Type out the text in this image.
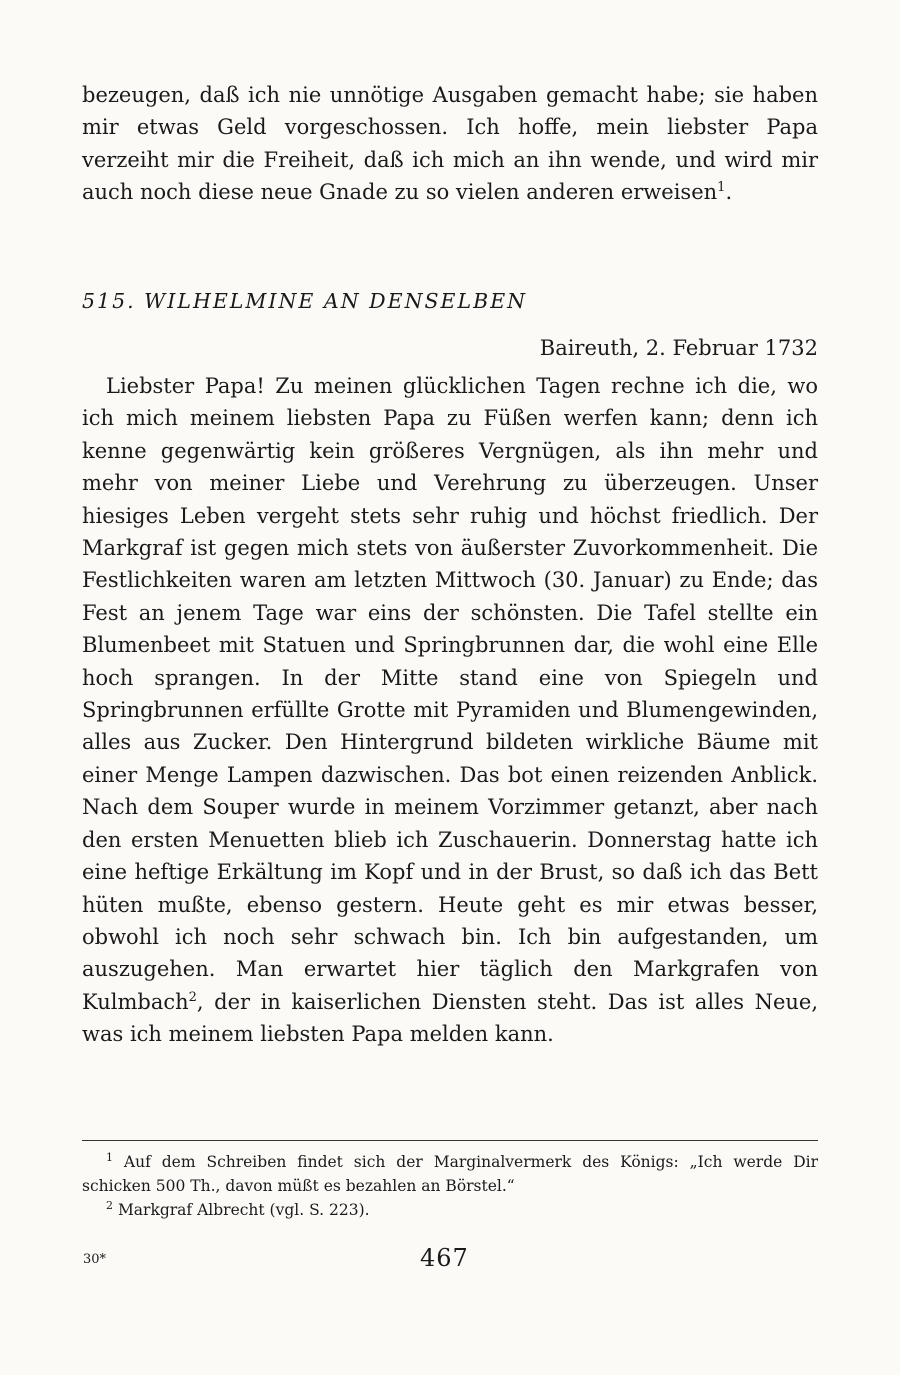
bezeugen, daß ich nie unnötige Ausgaben gemacht habe; sie haben mir etwas Geld vorgeschossen. Ich hoffe, mein liebster Papa verzeiht mir die Freiheit, daß ich mich an ihn wende, und wird mir auch noch diese neue Gnade zu so vielen anderen erweisen$^1$.

515. WILHELMINE AN DENSELBEN

Baireuth, 2. Februar 1732

Liebster Papa! Zu meinen glücklichen Tagen rechne ich die, wo ich mich meinem liebsten Papa zu Füßen werfen kann; denn ich kenne gegenwärtig kein größeres Vergnügen, als ihn mehr und mehr von meiner Liebe und Verehrung zu überzeugen. Unser hiesiges Leben vergeht stets sehr ruhig und höchst friedlich. Der Markgraf ist gegen mich stets von äußerster Zuvorkommenheit. Die Festlichkeiten waren am letzten Mittwoch (30. Januar) zu Ende; das Fest an jenem Tage war eins der schönsten. Die Tafel stellte ein Blumenbeet mit Statuen und Springbrunnen dar, die wohl eine Elle hoch sprangen. In der Mitte stand eine von Spiegeln und Springbrunnen erfüllte Grotte mit Pyramiden und Blumengewinden, alles aus Zucker. Den Hintergrund bildeten wirkliche Bäume mit einer Menge Lampen dazwischen. Das bot einen reizenden Anblick. Nach dem Souper wurde in meinem Vorzimmer getanzt, aber nach den ersten Menuetten blieb ich Zuschauerin. Donnerstag hatte ich eine heftige Erkältung im Kopf und in der Brust, so daß ich das Bett hüten mußte, ebenso gestern. Heute geht es mir etwas besser, obwohl ich noch sehr schwach bin. Ich bin aufgestanden, um auszugehen. Man erwartet hier täglich den Markgrafen von Kulmbach$^2$, der in kaiserlichen Diensten steht. Das ist alles Neue, was ich meinem liebsten Papa melden kann.

$^1$ Auf dem Schreiben findet sich der Marginalvermerk des Königs: „Ich werde Dir schicken 500 Th., davon müßt es bezahlen an Börstel.“

$^2$ Markgraf Albrecht (vgl. S. 223).

30*	467
